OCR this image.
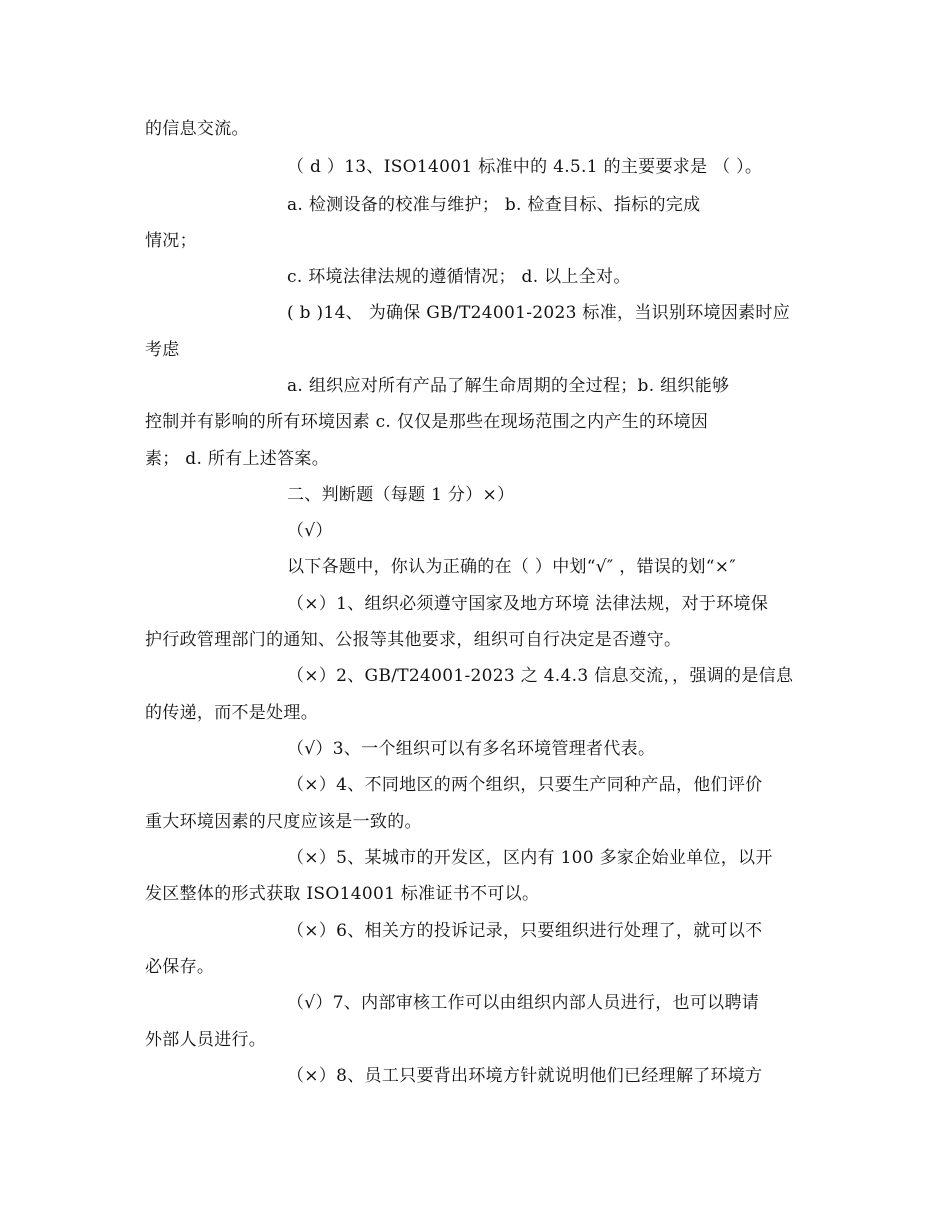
的信息交流。
（ d ）13、ISO14001 标准中的 4.5.1 的主要要求是 （ ）。
a. 检测设备的校准与维护； b. 检查目标、指标的完成
情况；
c. 环境法律法规的遵循情况； d. 以上全对。
( b )14、 为确保 GB/T24001-2023 标准，当识别环境因素时应
考虑
a. 组织应对所有产品了解生命周期的全过程；b. 组织能够
控制并有影响的所有环境因素 c. 仅仅是那些在现场范围之内产生的环境因
素； d. 所有上述答案。
二、判断题（每题 1 分）×）
（√）
以下各题中，你认为正确的在（ ）中划“√″ ，错误的划“×″
（×）1、组织必须遵守国家及地方环境 法律法规，对于环境保
护行政管理部门的通知、公报等其他要求，组织可自行决定是否遵守。
（×）2、GB/T24001-2023 之 4.4.3 信息交流，，强调的是信息
的传递，而不是处理。
（√）3、一个组织可以有多名环境管理者代表。
（×）4、不同地区的两个组织，只要生产同种产品，他们评价
重大环境因素的尺度应该是一致的。
（×）5、某城市的开发区，区内有 100 多家企始业单位，以开
发区整体的形式获取 ISO14001 标准证书不可以。
（×）6、相关方的投诉记录，只要组织进行处理了，就可以不
必保存。
（√）7、内部审核工作可以由组织内部人员进行，也可以聘请
外部人员进行。
（×）8、员工只要背出环境方针就说明他们已经理解了环境方
